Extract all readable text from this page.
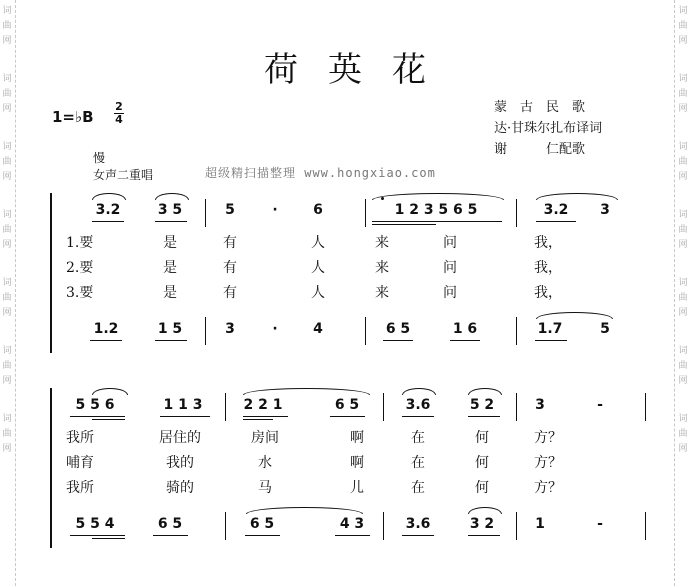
词
曲
网
词
曲
网
词
曲
网
词
曲
网
词
曲
网
词
曲
网
词
曲
网
词
曲
网
词
曲
网
词
曲
网
词
曲
网
词
曲
网
词
曲
网
词
曲
网
荷英花
1=♭B
2
4
蒙　古　民　歌
达·甘珠尔扎布译词
谢　　　仁配歌
慢
女声二重唱	超级精扫描整理 www.hongxiao.com
3.2	3 5	5	·	6	1 2 3 5 6 5	3.2 3
1.要	是	有	人	来	问	我，
2.要	是	有	人	来	问	我，
3.要	是	有	人	来	问	我，
1.2	1 5	3	·	4	6 5	1 6	1.7	5
5 5 6	1 1 3	2 2 1	6 5	3.6	5 2	3	-
我所	居住的	房间	啊	在	何	方？
哺育	我的	水	啊	在	何	方？
我所	骑的	马	儿	在	何	方？
5 5 4	6 5	6 5	4 3	3.6	3 2	1	-
